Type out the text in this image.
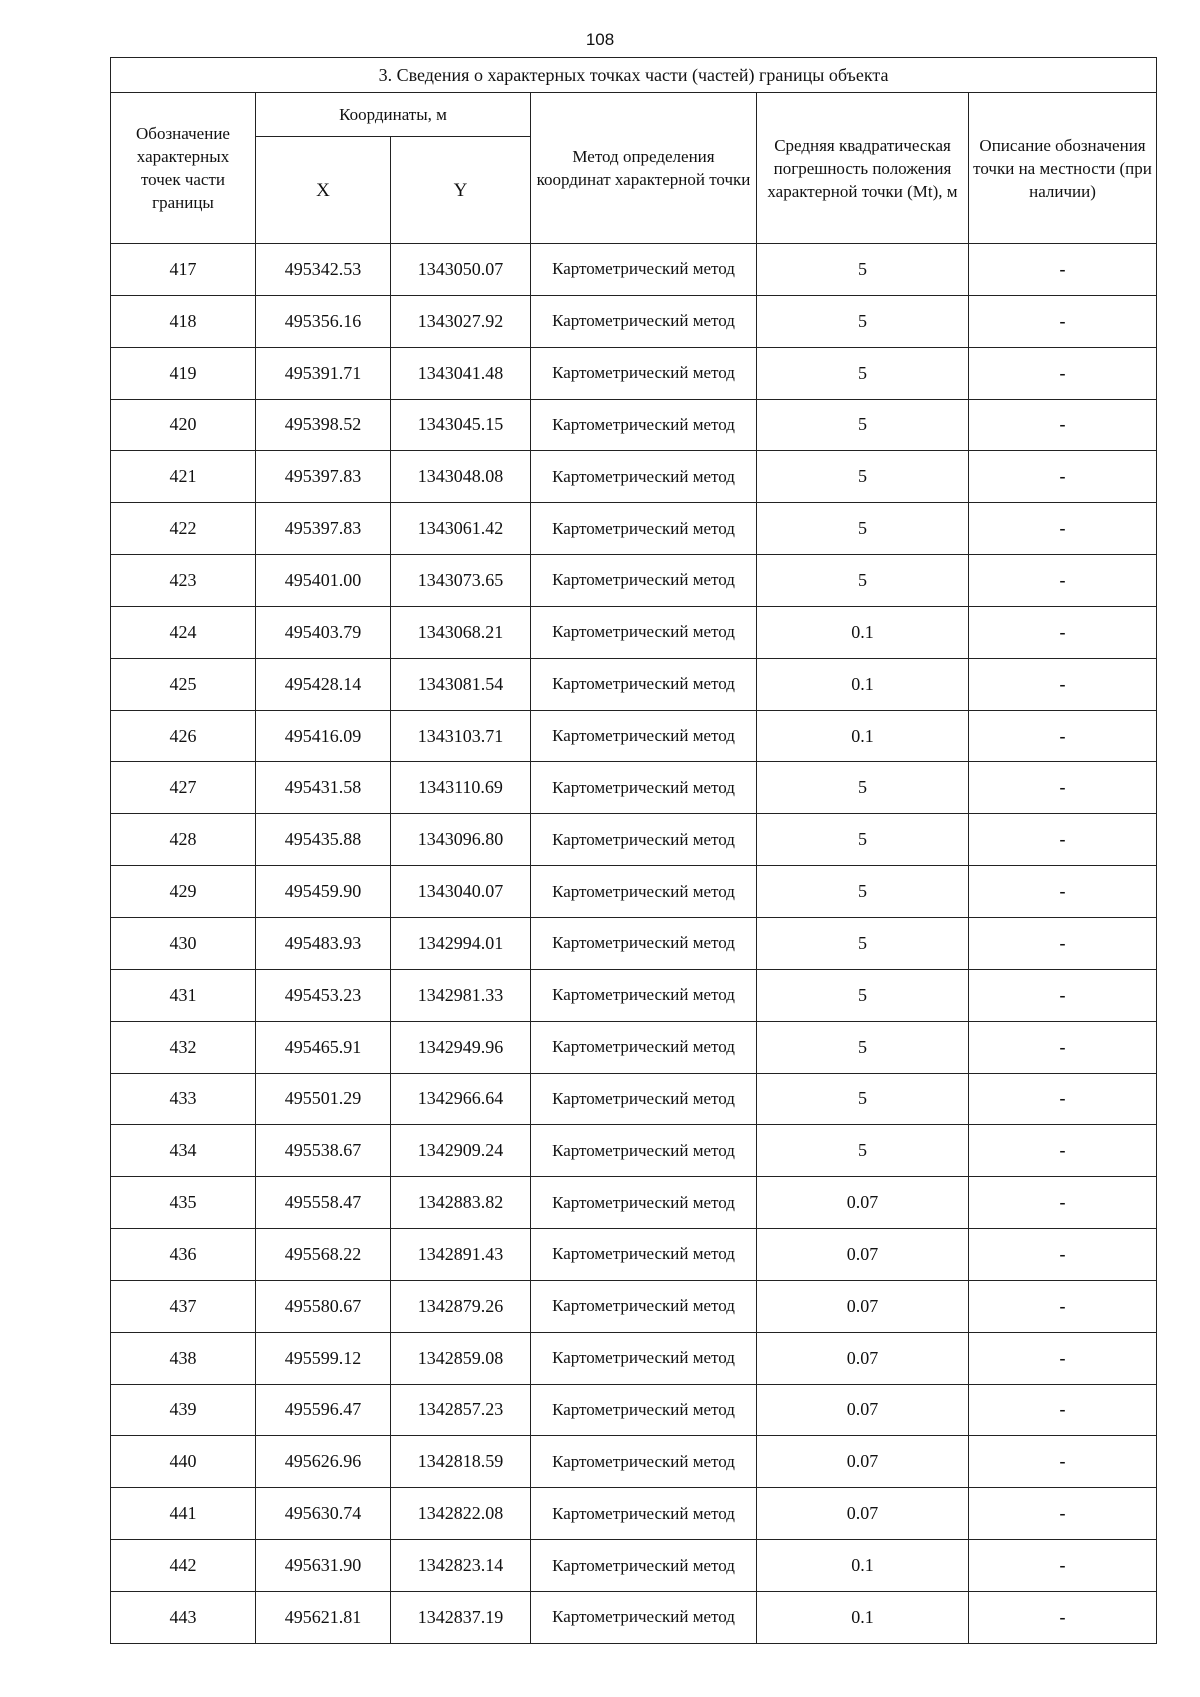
108
3. Сведения о характерных точках части (частей) границы объекта					
Обозначение характерных точек части границы	Координаты, м		Метод определения координат характерной точки	Средняя квадратическая погрешность положения характерной точки (Mt), м	Описание обозначения точки на местности (при наличии)
	X	Y			
417	495342.53	1343050.07	Картометрический метод	5	-
418	495356.16	1343027.92	Картометрический метод	5	-
419	495391.71	1343041.48	Картометрический метод	5	-
420	495398.52	1343045.15	Картометрический метод	5	-
421	495397.83	1343048.08	Картометрический метод	5	-
422	495397.83	1343061.42	Картометрический метод	5	-
423	495401.00	1343073.65	Картометрический метод	5	-
424	495403.79	1343068.21	Картометрический метод	0.1	-
425	495428.14	1343081.54	Картометрический метод	0.1	-
426	495416.09	1343103.71	Картометрический метод	0.1	-
427	495431.58	1343110.69	Картометрический метод	5	-
428	495435.88	1343096.80	Картометрический метод	5	-
429	495459.90	1343040.07	Картометрический метод	5	-
430	495483.93	1342994.01	Картометрический метод	5	-
431	495453.23	1342981.33	Картометрический метод	5	-
432	495465.91	1342949.96	Картометрический метод	5	-
433	495501.29	1342966.64	Картометрический метод	5	-
434	495538.67	1342909.24	Картометрический метод	5	-
435	495558.47	1342883.82	Картометрический метод	0.07	-
436	495568.22	1342891.43	Картометрический метод	0.07	-
437	495580.67	1342879.26	Картометрический метод	0.07	-
438	495599.12	1342859.08	Картометрический метод	0.07	-
439	495596.47	1342857.23	Картометрический метод	0.07	-
440	495626.96	1342818.59	Картометрический метод	0.07	-
441	495630.74	1342822.08	Картометрический метод	0.07	-
442	495631.90	1342823.14	Картометрический метод	0.1	-
443	495621.81	1342837.19	Картометрический метод	0.1	-
